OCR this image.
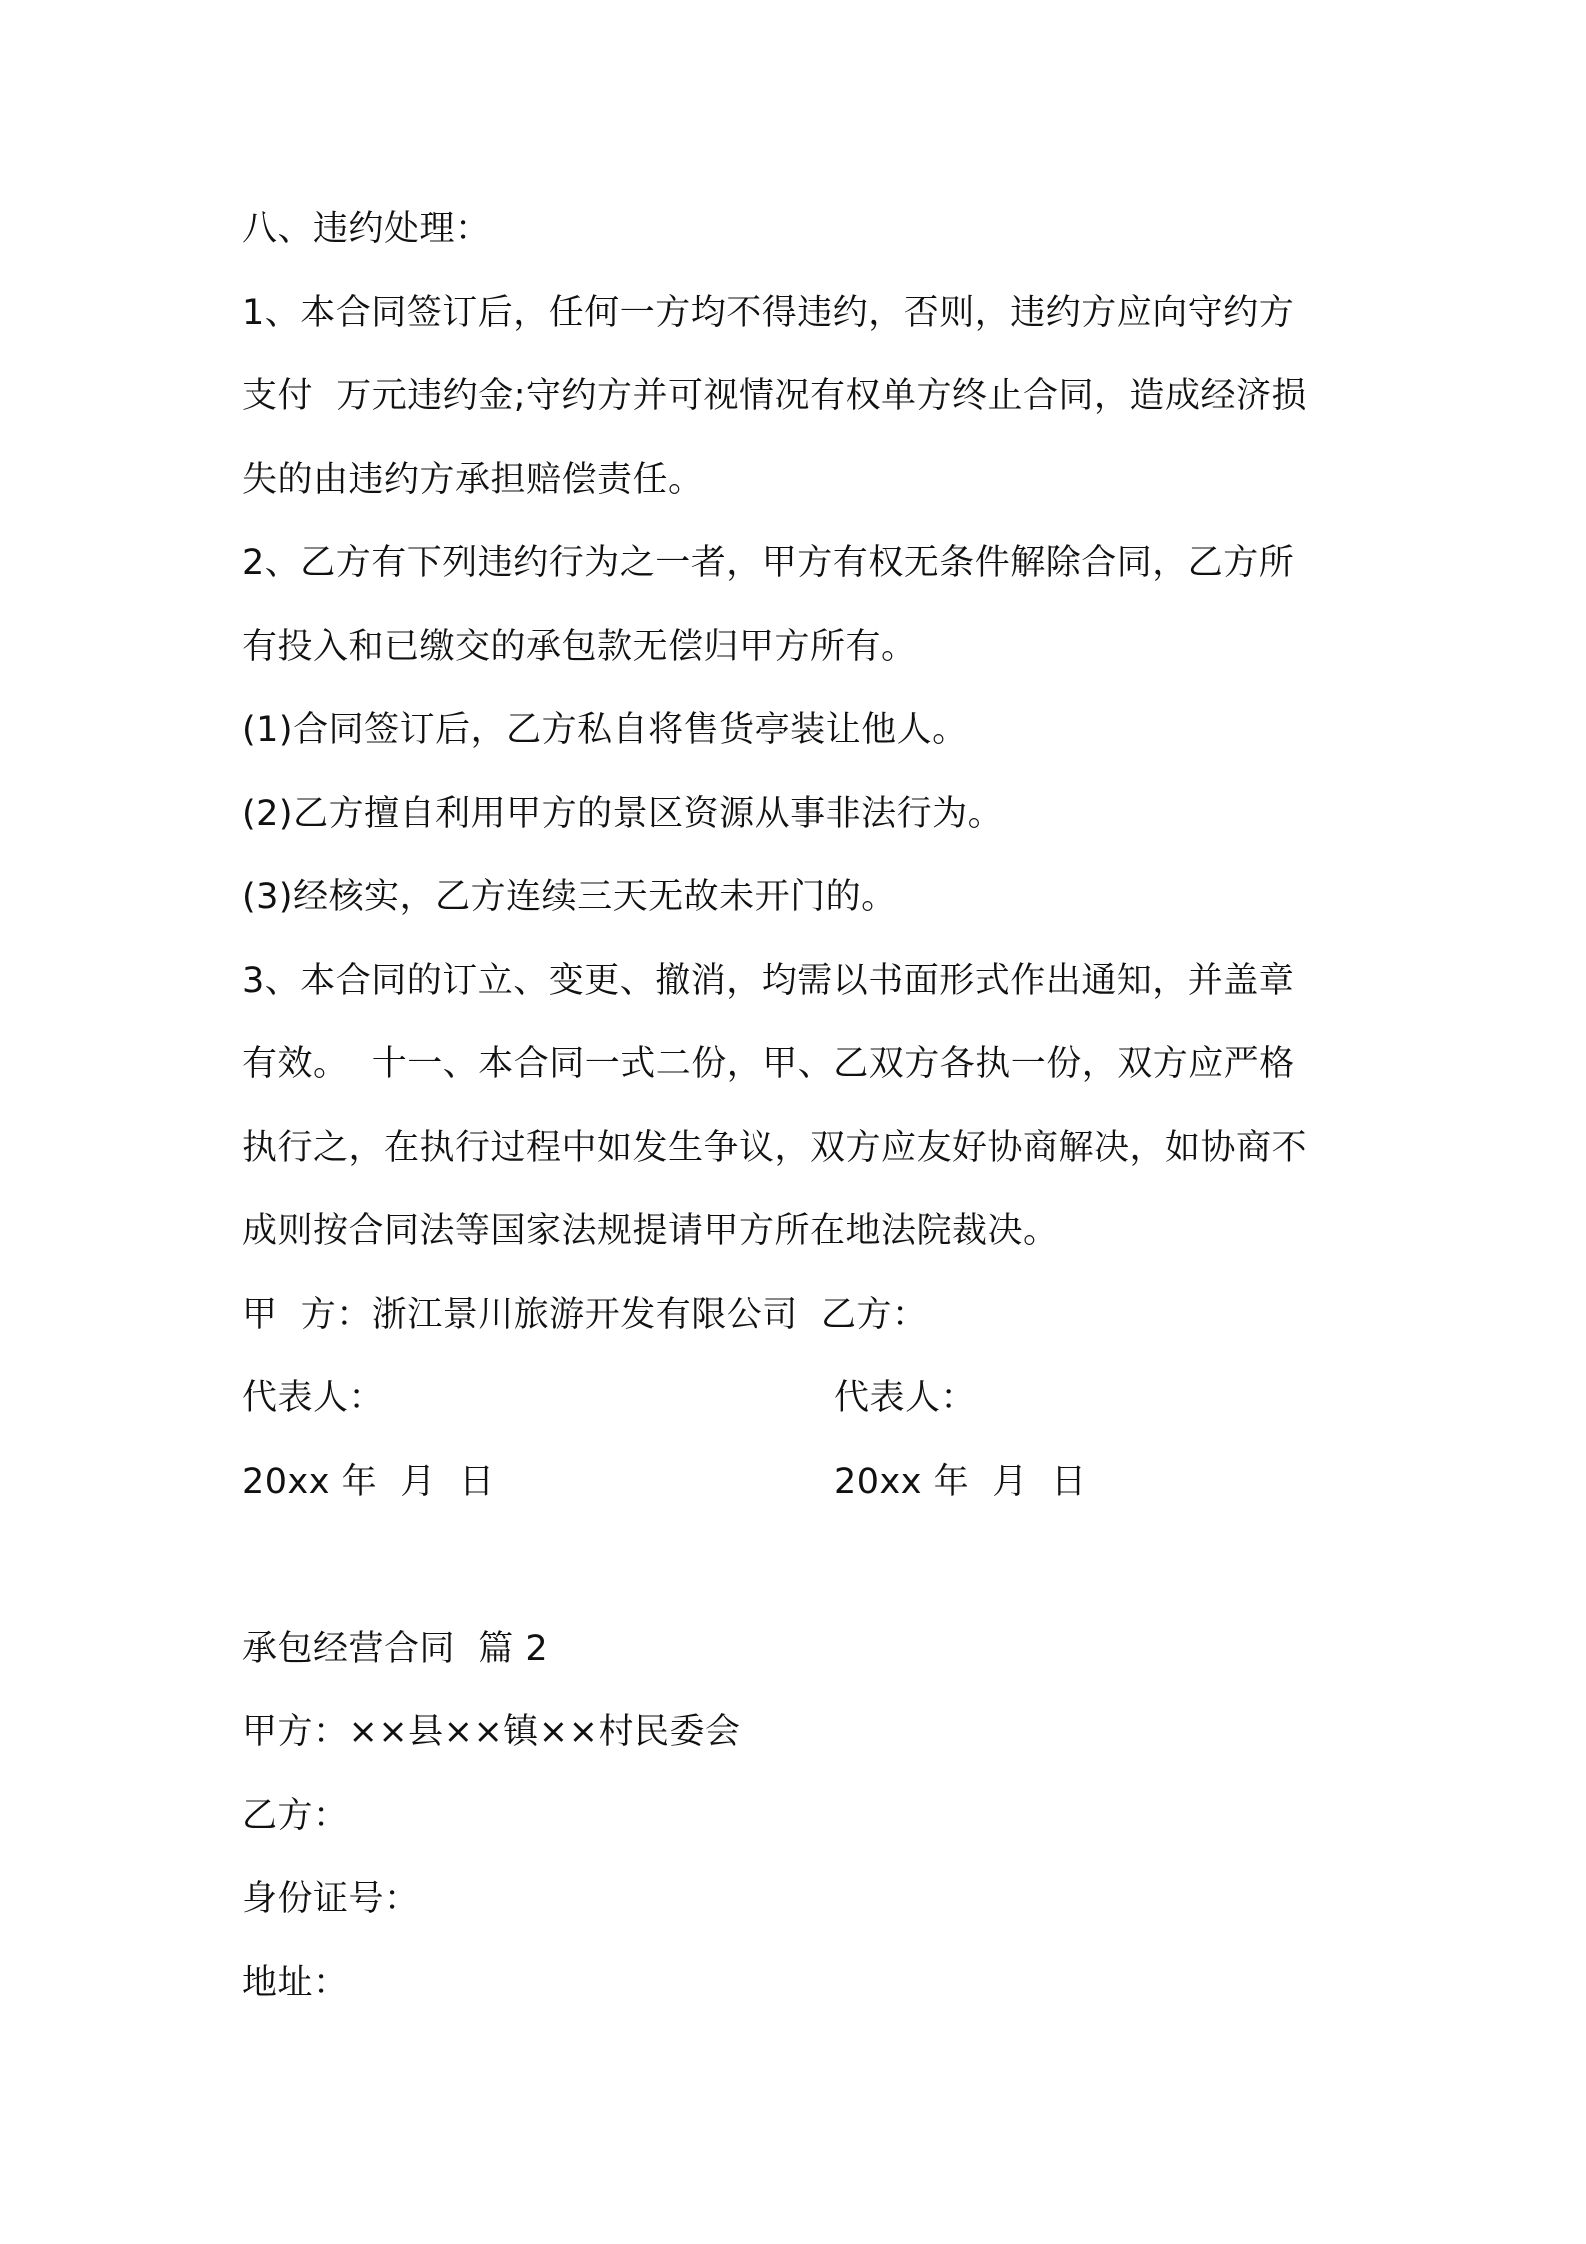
八、违约处理：
1、本合同签订后，任何一方均不得违约，否则，违约方应向守约方
支付  万元违约金;守约方并可视情况有权单方终止合同，造成经济损
失的由违约方承担赔偿责任。
2、乙方有下列违约行为之一者，甲方有权无条件解除合同，乙方所
有投入和已缴交的承包款无偿归甲方所有。
(1)合同签订后，乙方私自将售货亭装让他人。
(2)乙方擅自利用甲方的景区资源从事非法行为。
(3)经核实，乙方连续三天无故未开门的。
3、本合同的订立、变更、撤消，均需以书面形式作出通知，并盖章
有效。  十一、本合同一式二份，甲、乙双方各执一份，双方应严格
执行之，在执行过程中如发生争议，双方应友好协商解决，如协商不
成则按合同法等国家法规提请甲方所在地法院裁决。
甲  方：浙江景川旅游开发有限公司  乙方：
代表人：	代表人：
20xx 年  月  日	20xx 年  月  日
承包经营合同  篇 2
甲方：××县××镇××村民委会
乙方：
身份证号：
地址：
